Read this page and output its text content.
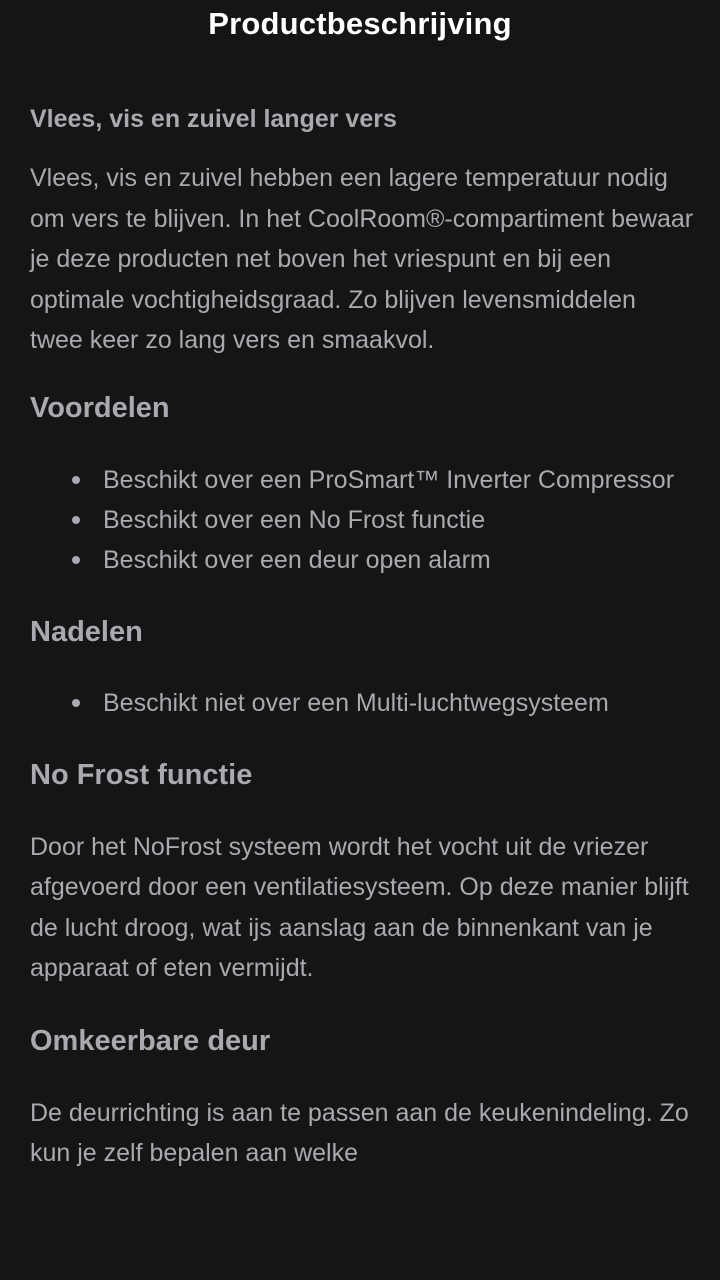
Productbeschrijving
Vlees, vis en zuivel langer vers

Vlees, vis en zuivel hebben een lagere temperatuur nodig om vers te blijven. In het CoolRoom®-compartiment bewaar je deze producten net boven het vriespunt en bij een optimale vochtigheidsgraad. Zo blijven levensmiddelen twee keer zo lang vers en smaakvol.

Voordelen
Beschikt over een ProSmart™ Inverter Compressor
Beschikt over een No Frost functie
Beschikt over een deur open alarm
Nadelen
Beschikt niet over een Multi-luchtwegsysteem
No Frost functie

Door het NoFrost systeem wordt het vocht uit de vriezer afgevoerd door een ventilatiesysteem. Op deze manier blijft de lucht droog, wat ijs aanslag aan de binnenkant van je apparaat of eten vermijdt.

Omkeerbare deur

De deurrichting is aan te passen aan de keukenindeling. Zo kun je zelf bepalen aan welke
